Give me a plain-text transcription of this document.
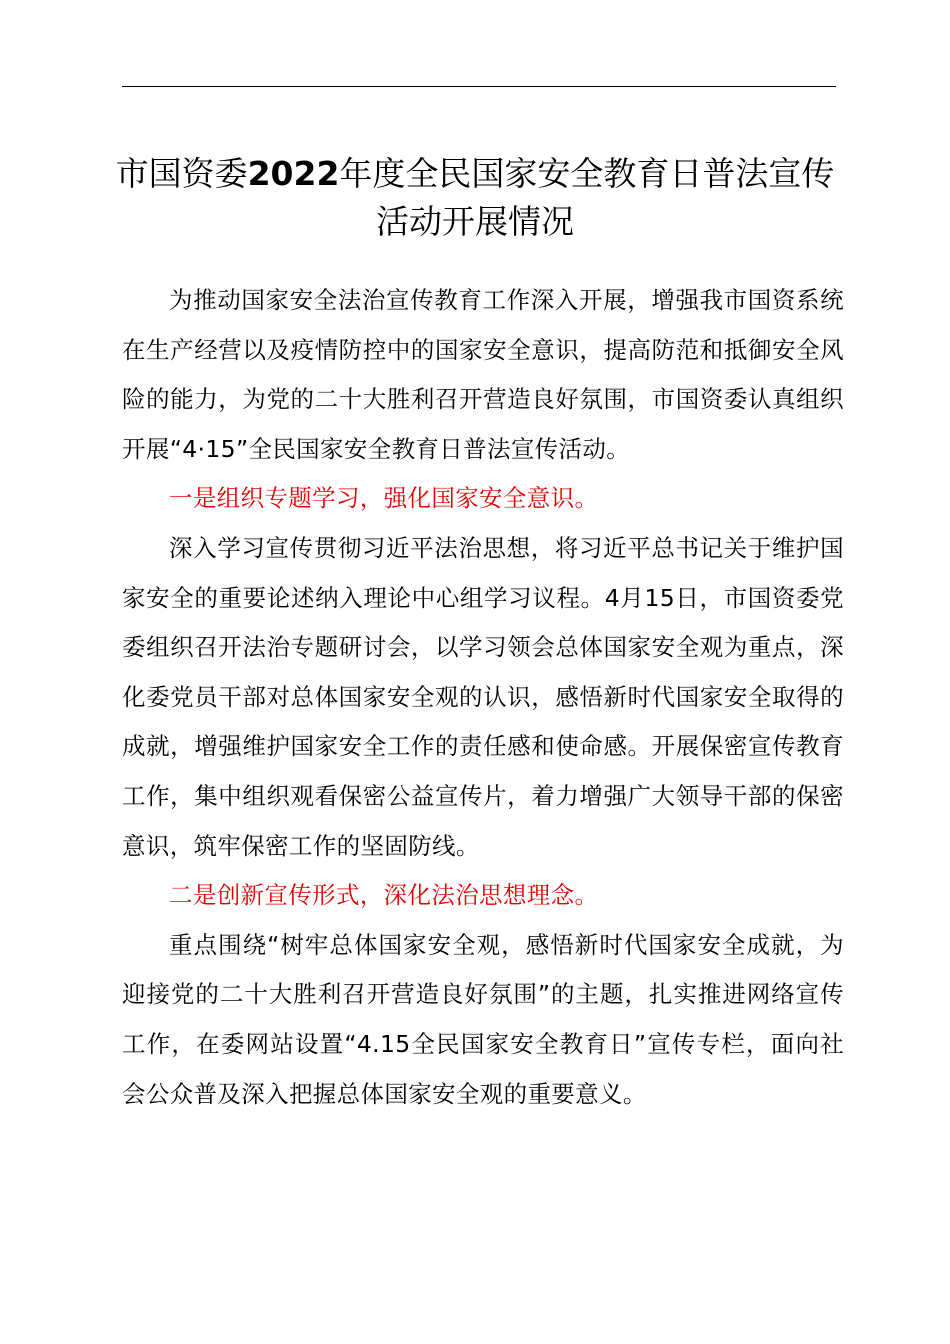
市国资委2022年度全民国家安全教育日普法宣传活动开展情况

为推动国家安全法治宣传教育工作深入开展，增强我市国资系统在生产经营以及疫情防控中的国家安全意识，提高防范和抵御安全风险的能力，为党的二十大胜利召开营造良好氛围，市国资委认真组织开展“4·15”全民国家安全教育日普法宣传活动。

一是组织专题学习，强化国家安全意识。

深入学习宣传贯彻习近平法治思想，将习近平总书记关于维护国家安全的重要论述纳入理论中心组学习议程。4月15日，市国资委党委组织召开法治专题研讨会，以学习领会总体国家安全观为重点，深化委党员干部对总体国家安全观的认识，感悟新时代国家安全取得的成就，增强维护国家安全工作的责任感和使命感。开展保密宣传教育工作，集中组织观看保密公益宣传片，着力增强广大领导干部的保密意识，筑牢保密工作的坚固防线。

二是创新宣传形式，深化法治思想理念。

重点围绕“树牢总体国家安全观，感悟新时代国家安全成就，为迎接党的二十大胜利召开营造良好氛围”的主题，扎实推进网络宣传工作，在委网站设置“4.15全民国家安全教育日”宣传专栏，面向社会公众普及深入把握总体国家安全观的重要意义。
